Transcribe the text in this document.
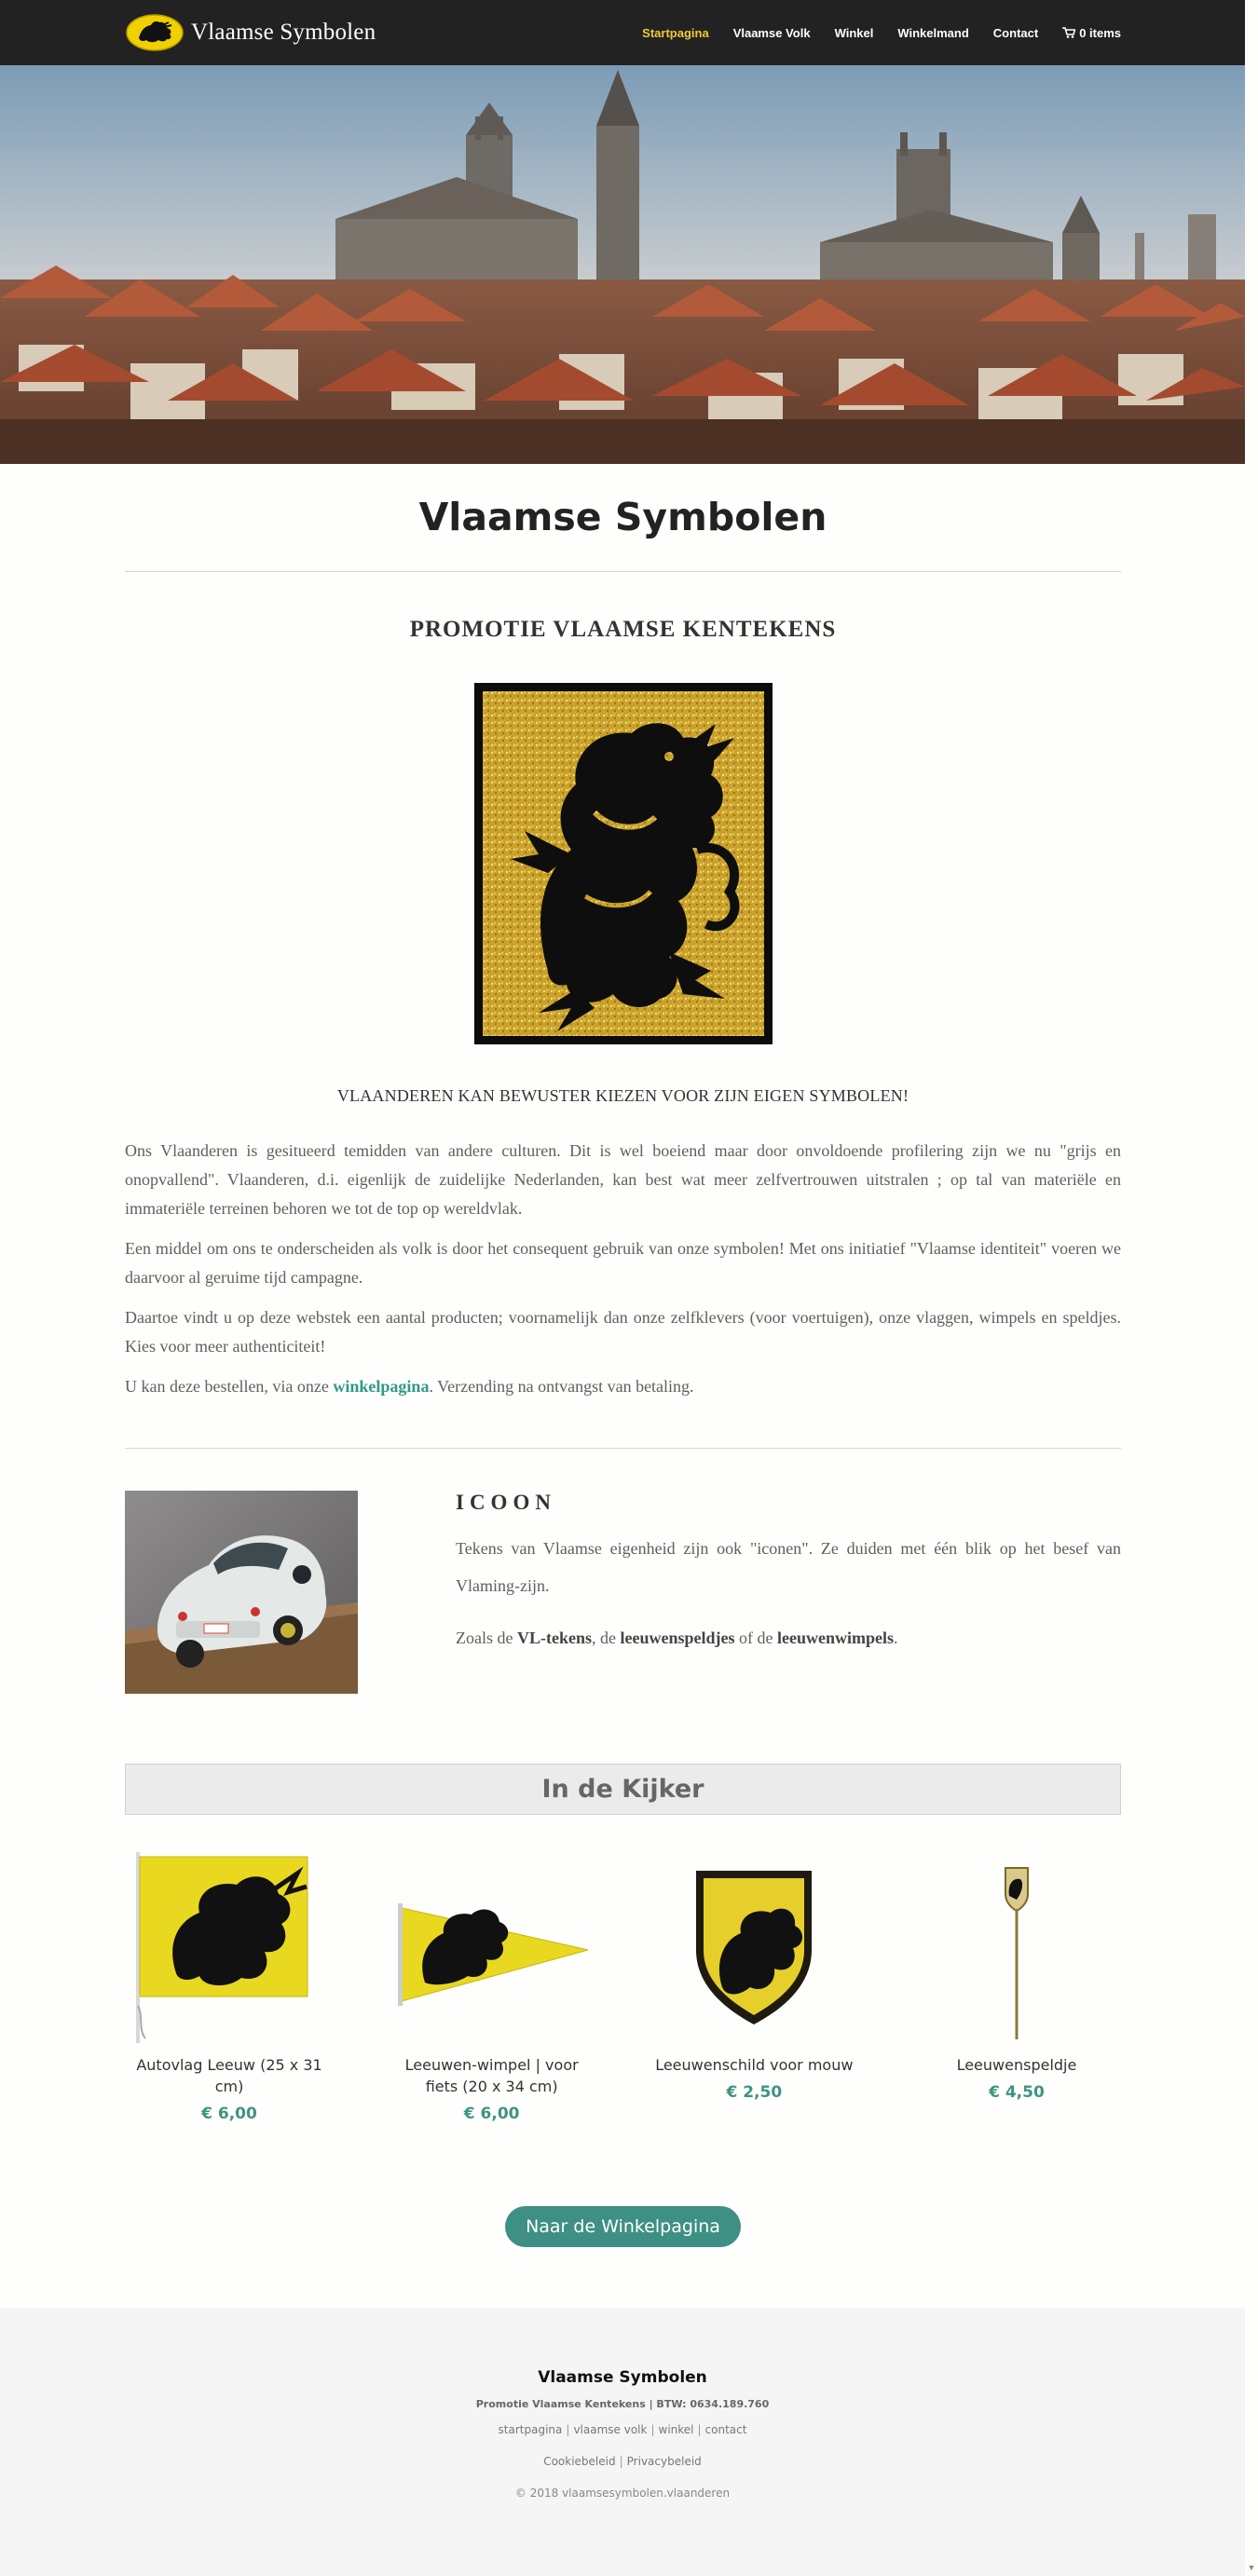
Vlaamse Symbolen	Startpagina Vlaamse Volk Winkel Winkelmand Contact	0 items
Vlaamse Symbolen
PROMOTIE VLAAMSE KENTEKENS

VLAANDEREN KAN BEWUSTER KIEZEN VOOR ZIJN EIGEN SYMBOLEN!

Ons Vlaanderen is gesitueerd temidden van andere culturen. Dit is wel boeiend maar door onvoldoende profilering zijn we nu "grijs en onopvallend". Vlaanderen, d.i. eigenlijk de zuidelijke Nederlanden, kan best wat meer zelfvertrouwen uitstralen ; op tal van materiële en immateriële terreinen behoren we tot de top op wereldvlak.

Een middel om ons te onderscheiden als volk is door het consequent gebruik van onze symbolen! Met ons initiatief "Vlaamse identiteit" voeren we daarvoor al geruime tijd campagne.

Daartoe vindt u op deze webstek een aantal producten; voornamelijk dan onze zelfklevers (voor voertuigen), onze vlaggen, wimpels en speldjes. Kies voor meer authenticiteit!

U kan deze bestellen, via onze winkelpagina. Verzending na ontvangst van betaling.

ICOON

Tekens van Vlaamse eigenheid zijn ook "iconen". Ze duiden met één blik op het besef van Vlaming-zijn.

Zoals de VL-tekens, de leeuwenspeldjes of de leeuwenwimpels.

In de Kijker
Autovlag Leeuw (25 x 31 cm)
€ 6,00
Leeuwen-wimpel | voor fiets (20 x 34 cm)
€ 6,00
Leeuwenschild voor mouw
€ 2,50
Leeuwenspeldje
€ 4,50
Naar de Winkelpagina
Vlaamse Symbolen
Promotie Vlaamse Kentekens | BTW: 0634.189.760
startpagina | vlaamse volk | winkel | contact
Cookiebeleid | Privacybeleid
© 2018 vlaamsesymbolen.vlaanderen
▼
